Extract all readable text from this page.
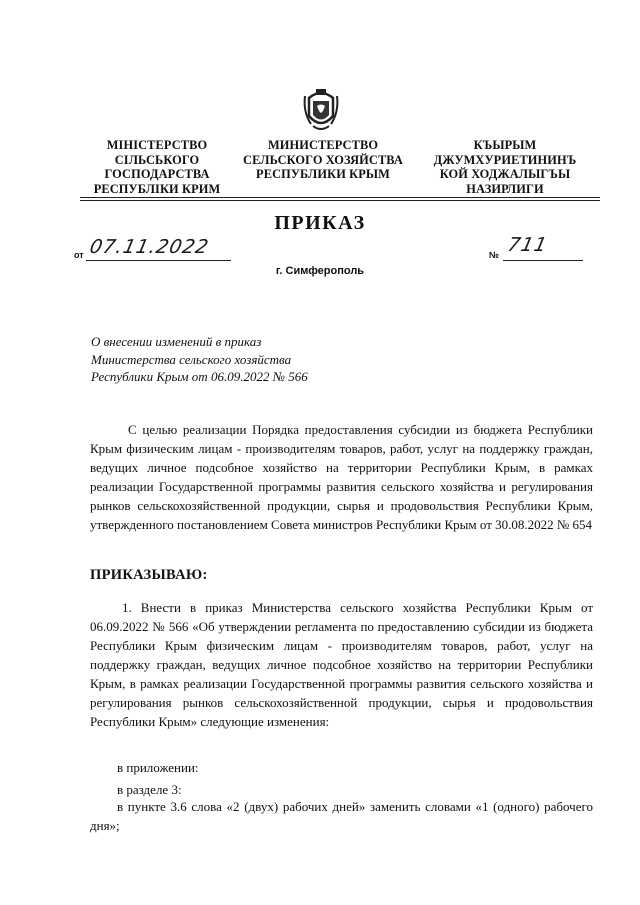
МІНІСТЕРСТВО
СІЛЬСЬКОГО
ГОСПОДАРСТВА
РЕСПУБЛІКИ КРИМ
МИНИСТЕРСТВО
СЕЛЬСКОГО ХОЗЯЙСТВА
РЕСПУБЛИКИ КРЫМ
КЪЫРЫМ
ДЖУМХУРИЕТИНИНЪ
КОЙ ХОДЖАЛЫГЪЫ
НАЗИРЛИГИ
ПРИКАЗ
от 07.11.2022	№ 711
г. Симферополь
О внесении изменений в приказ
Министерства сельского хозяйства
Республики Крым от 06.09.2022 № 566
С целью реализации Порядка предоставления субсидии из бюджета Республики Крым физическим лицам - производителям товаров, работ, услуг на поддержку граждан, ведущих личное подсобное хозяйство на территории Республики Крым, в рамках реализации Государственной программы развития сельского хозяйства и регулирования рынков сельскохозяйственной продукции, сырья и продовольствия Республики Крым, утвержденного постановлением Совета министров Республики Крым от 30.08.2022 № 654
ПРИКАЗЫВАЮ:
1. Внести в приказ Министерства сельского хозяйства Республики Крым от 06.09.2022 № 566 «Об утверждении регламента по предоставлению субсидии из бюджета Республики Крым физическим лицам - производителям товаров, работ, услуг на поддержку граждан, ведущих личное подсобное хозяйство на территории Республики Крым, в рамках реализации Государственной программы развития сельского хозяйства и регулирования рынков сельскохозяйственной продукции, сырья и продовольствия Республики Крым» следующие изменения:
в приложении:
в разделе 3:
в пункте 3.6 слова «2 (двух) рабочих дней» заменить словами «1 (одного) рабочего дня»;
